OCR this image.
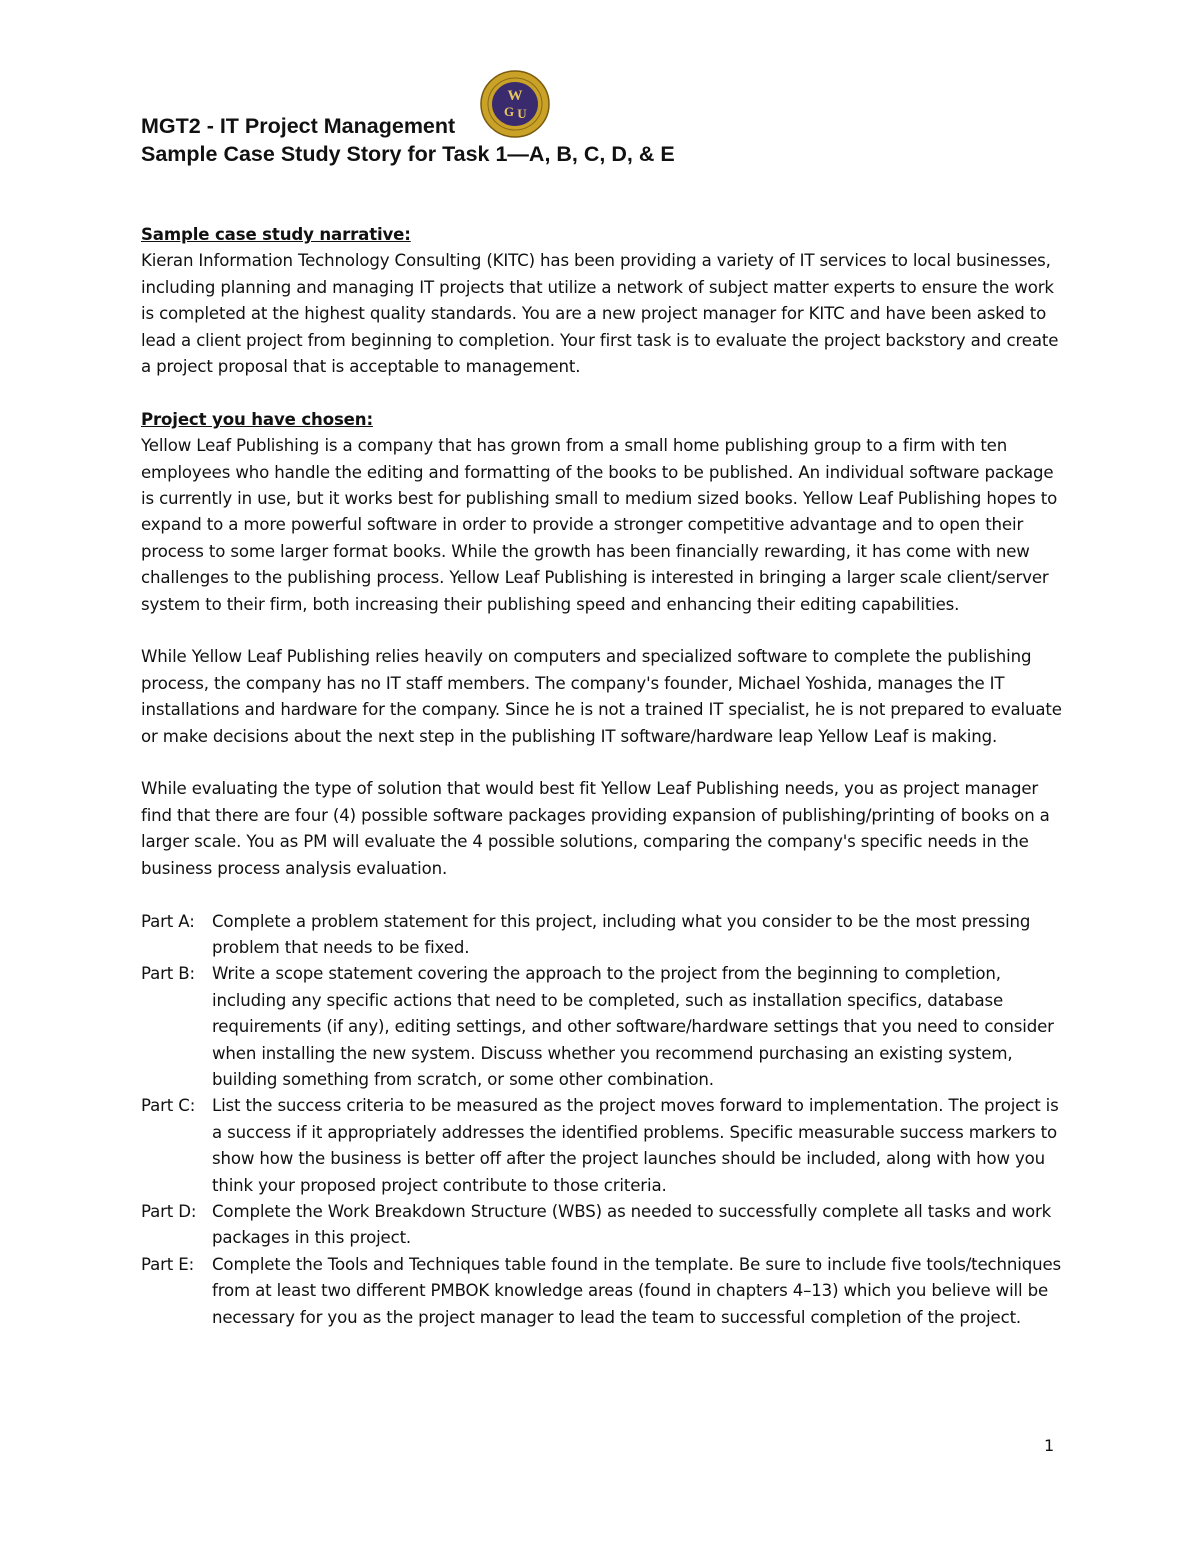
W
G U
MGT2 - IT Project Management
Sample Case Study Story for Task 1—A, B, C, D, & E

Sample case study narrative:
Kieran Information Technology Consulting (KITC) has been providing a variety of IT services to local businesses, including planning and managing IT projects that utilize a network of subject matter experts to ensure the work is completed at the highest quality standards. You are a new project manager for KITC and have been asked to lead a client project from beginning to completion. Your first task is to evaluate the project backstory and create a project proposal that is acceptable to management.

Project you have chosen:
Yellow Leaf Publishing is a company that has grown from a small home publishing group to a firm with ten employees who handle the editing and formatting of the books to be published. An individual software package is currently in use, but it works best for publishing small to medium sized books. Yellow Leaf Publishing hopes to expand to a more powerful software in order to provide a stronger competitive advantage and to open their process to some larger format books. While the growth has been financially rewarding, it has come with new challenges to the publishing process. Yellow Leaf Publishing is interested in bringing a larger scale client/server system to their firm, both increasing their publishing speed and enhancing their editing capabilities.

While Yellow Leaf Publishing relies heavily on computers and specialized software to complete the publishing process, the company has no IT staff members. The company's founder, Michael Yoshida, manages the IT installations and hardware for the company. Since he is not a trained IT specialist, he is not prepared to evaluate or make decisions about the next step in the publishing IT software/hardware leap Yellow Leaf is making.

While evaluating the type of solution that would best fit Yellow Leaf Publishing needs, you as project manager find that there are four (4) possible software packages providing expansion of publishing/printing of books on a larger scale. You as PM will evaluate the 4 possible solutions, comparing the company's specific needs in the business process analysis evaluation.

Part A:	Complete a problem statement for this project, including what you consider to be the most pressing problem that needs to be fixed.
Part B:	Write a scope statement covering the approach to the project from the beginning to completion, including any specific actions that need to be completed, such as installation specifics, database requirements (if any), editing settings, and other software/hardware settings that you need to consider when installing the new system. Discuss whether you recommend purchasing an existing system, building something from scratch, or some other combination.
Part C:	List the success criteria to be measured as the project moves forward to implementation. The project is a success if it appropriately addresses the identified problems. Specific measurable success markers to show how the business is better off after the project launches should be included, along with how you think your proposed project contribute to those criteria.
Part D: Complete the Work Breakdown Structure (WBS) as needed to successfully complete all tasks and work packages in this project.
Part E:	Complete the Tools and Techniques table found in the template. Be sure to include five tools/techniques from at least two different PMBOK knowledge areas (found in chapters 4–13) which you believe will be necessary for you as the project manager to lead the team to successful completion of the project.
1
